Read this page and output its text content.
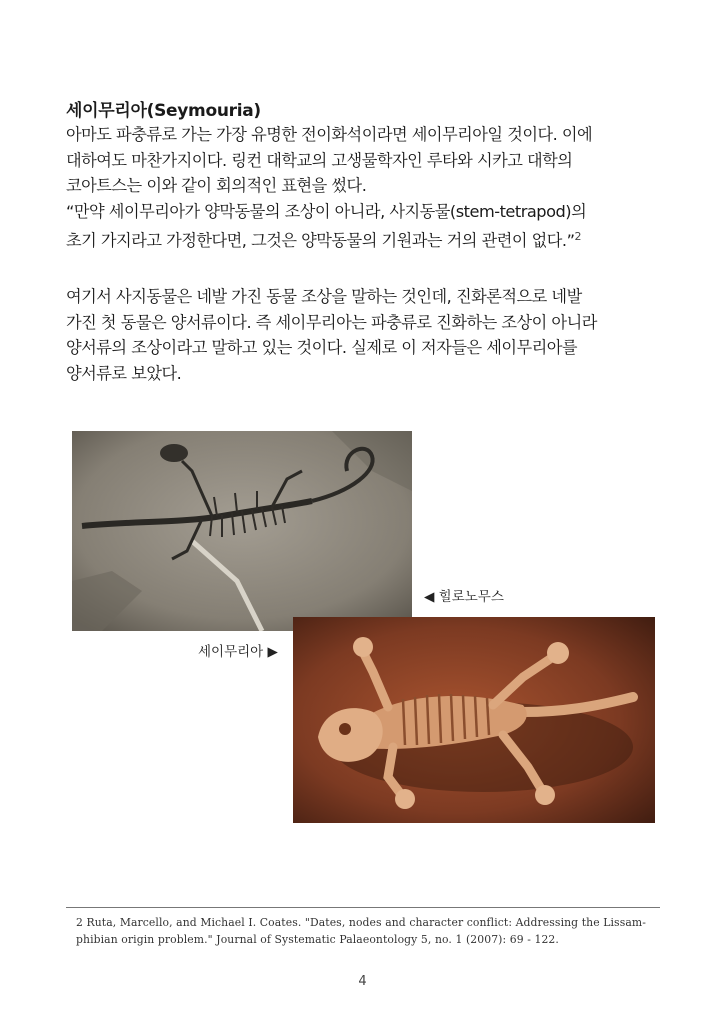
세이무리아(Seymouria)
아마도 파충류로 가는 가장 유명한 전이화석이라면 세이무리아일 것이다. 이에
대하여도 마찬가지이다. 링컨 대학교의 고생물학자인 루타와 시카고 대학의
코아트스는 이와 같이 회의적인 표현을 썼다.
“만약 세이무리아가 양막동물의 조상이 아니라, 사지동물(stem-tetrapod)의
초기 가지라고 가정한다면, 그것은 양막동물의 기원과는 거의 관련이 없다.”$^2$
여기서 사지동물은 네발 가진 동물 조상을 말하는 것인데, 진화론적으로 네발
가진 첫 동물은 양서류이다. 즉 세이무리아는 파충류로 진화하는 조상이 아니라
양서류의 조상이라고 말하고 있는 것이다. 실제로 이 저자들은 세이무리아를
양서류로 보았다.
◀ 힐로노무스
세이무리아 ▶
2 Ruta, Marcello, and Michael I. Coates. "Dates, nodes and character conflict: Addressing the Lissam-
phibian origin problem." Journal of Systematic Palaeontology 5, no. 1 (2007): 69 - 122.
4
